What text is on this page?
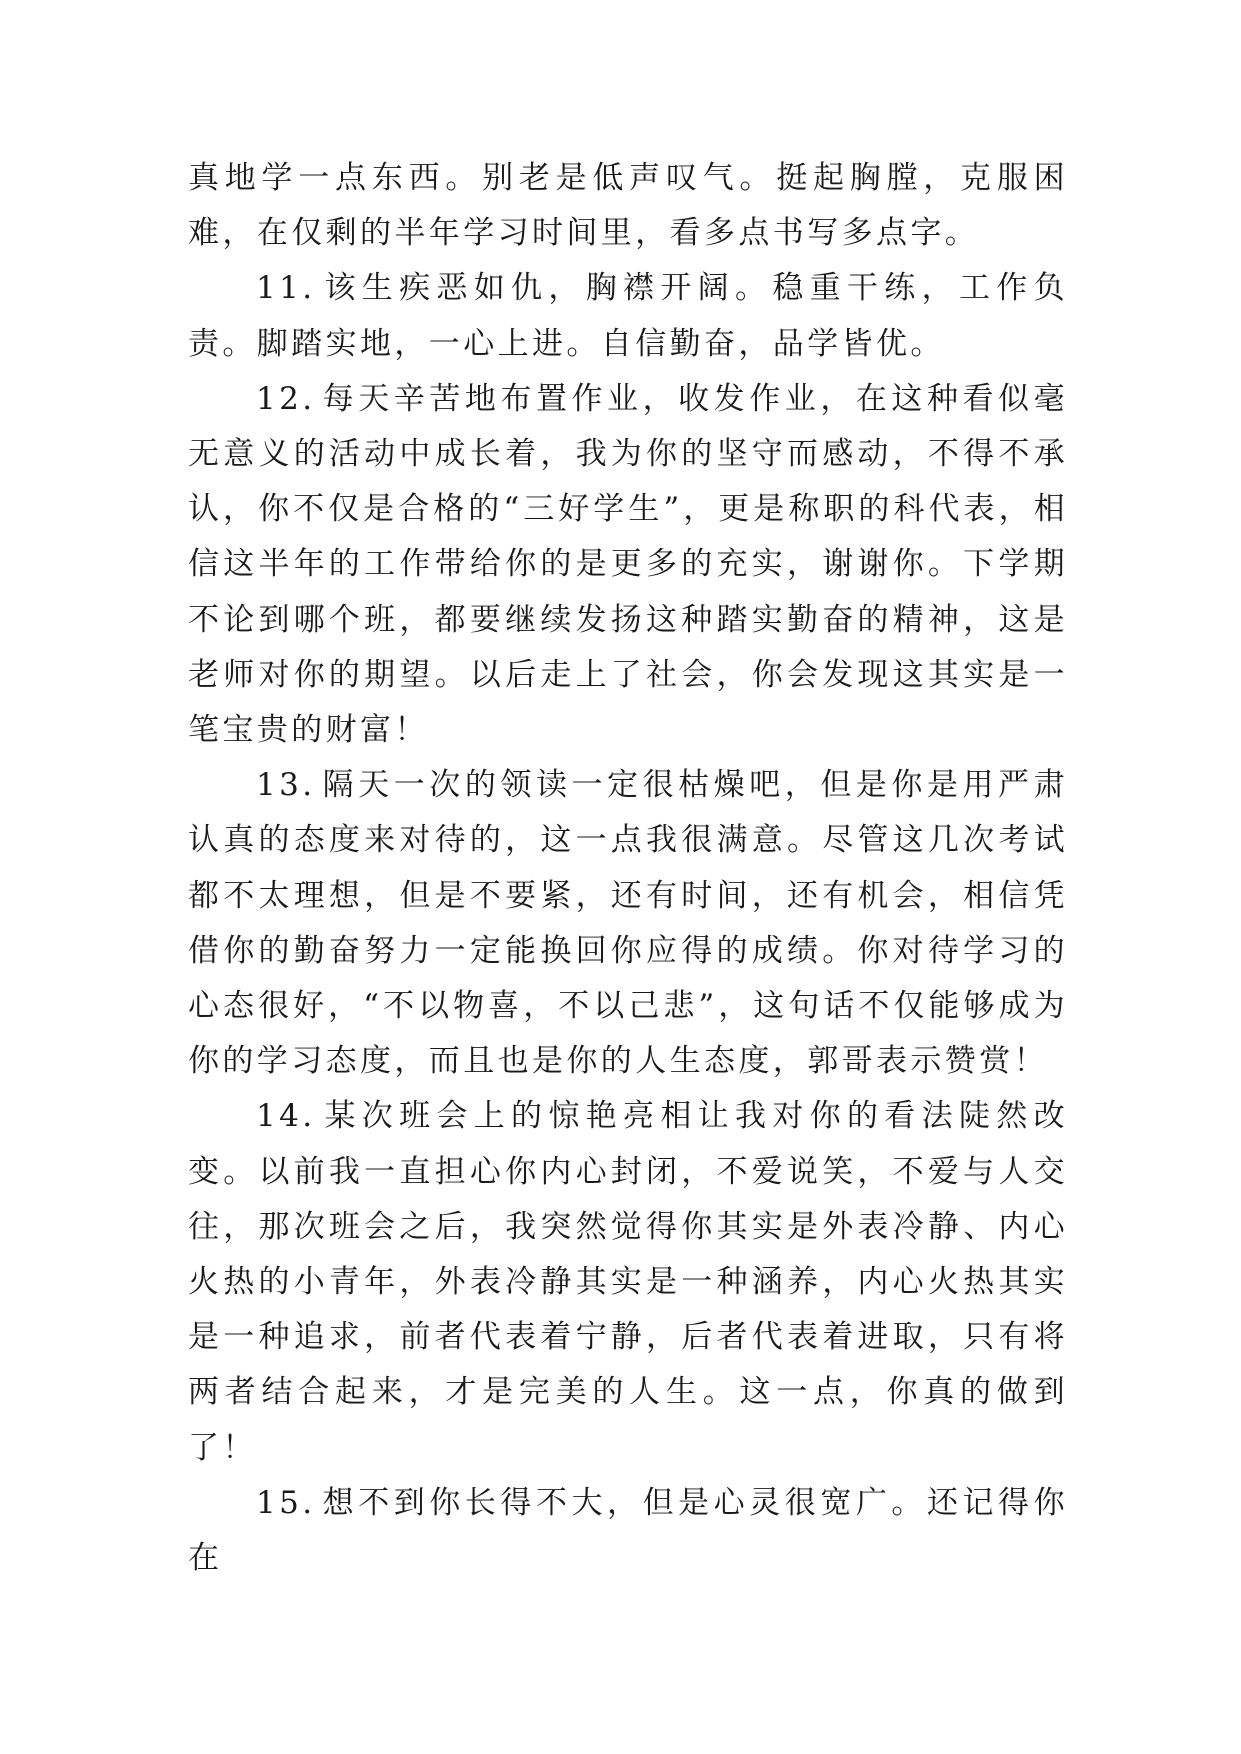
真地学一点东西。别老是低声叹气。挺起胸膛，克服困难，在仅剩的半年学习时间里，看多点书写多点字。

11. 该生疾恶如仇，胸襟开阔。稳重干练，工作负责。脚踏实地，一心上进。自信勤奋，品学皆优。

12. 每天辛苦地布置作业，收发作业，在这种看似毫无意义的活动中成长着，我为你的坚守而感动，不得不承认，你不仅是合格的“三好学生”，更是称职的科代表，相信这半年的工作带给你的是更多的充实，谢谢你。下学期不论到哪个班，都要继续发扬这种踏实勤奋的精神，这是老师对你的期望。以后走上了社会，你会发现这其实是一笔宝贵的财富！

13. 隔天一次的领读一定很枯燥吧，但是你是用严肃认真的态度来对待的，这一点我很满意。尽管这几次考试都不太理想，但是不要紧，还有时间，还有机会，相信凭借你的勤奋努力一定能换回你应得的成绩。你对待学习的心态很好，“不以物喜，不以己悲”，这句话不仅能够成为你的学习态度，而且也是你的人生态度，郭哥表示赞赏！

14. 某次班会上的惊艳亮相让我对你的看法陡然改变。以前我一直担心你内心封闭，不爱说笑，不爱与人交往，那次班会之后，我突然觉得你其实是外表冷静、内心火热的小青年，外表冷静其实是一种涵养，内心火热其实是一种追求，前者代表着宁静，后者代表着进取，只有将两者结合起来，才是完美的人生。这一点，你真的做到了！

15. 想不到你长得不大，但是心灵很宽广。还记得你在
